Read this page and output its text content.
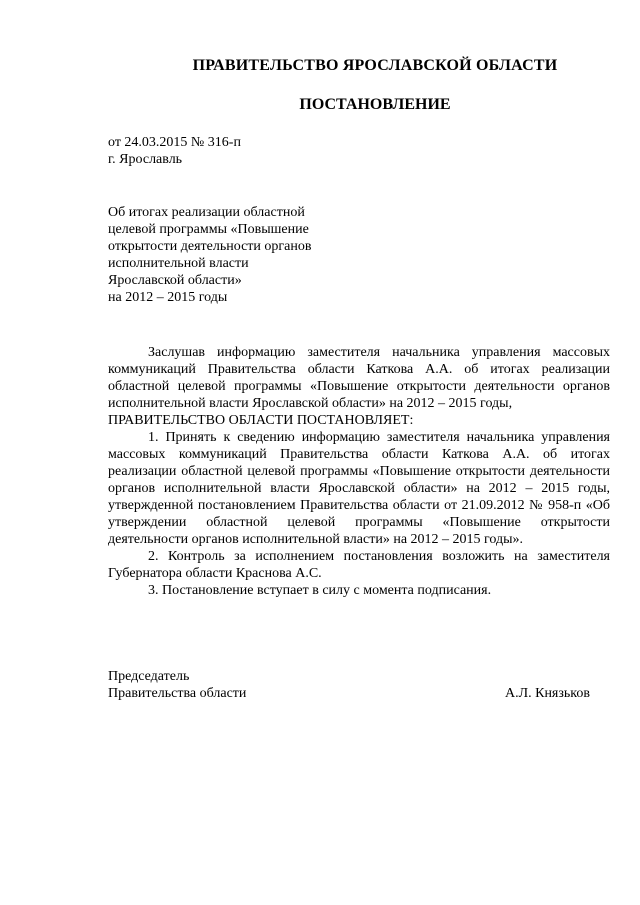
ПРАВИТЕЛЬСТВО ЯРОСЛАВСКОЙ ОБЛАСТИ
ПОСТАНОВЛЕНИЕ
от 24.03.2015 № 316-п
г. Ярославль
Об итогах реализации областной
целевой программы «Повышение
открытости деятельности органов
исполнительной власти
Ярославской области»
на 2012 – 2015 годы

Заслушав информацию заместителя начальника управления массовых коммуникаций Правительства области Каткова А.А. об итогах реализации областной целевой программы «Повышение открытости деятельности органов исполнительной власти Ярославской области» на 2012 – 2015 годы,

ПРАВИТЕЛЬСТВО ОБЛАСТИ ПОСТАНОВЛЯЕТ:

1. Принять к сведению информацию заместителя начальника управления массовых коммуникаций Правительства области Каткова А.А. об итогах реализации областной целевой программы «Повышение открытости деятельности органов исполнительной власти Ярославской области» на 2012 – 2015 годы, утвержденной постановлением Правительства области от 21.09.2012 № 958-п «Об утверждении областной целевой программы «Повышение открытости деятельности органов исполнительной власти» на 2012 – 2015 годы».

2. Контроль за исполнением постановления возложить на заместителя Губернатора области Краснова А.С.

3. Постановление вступает в силу с момента подписания.

Председатель
Правительства области	А.Л. Князьков
